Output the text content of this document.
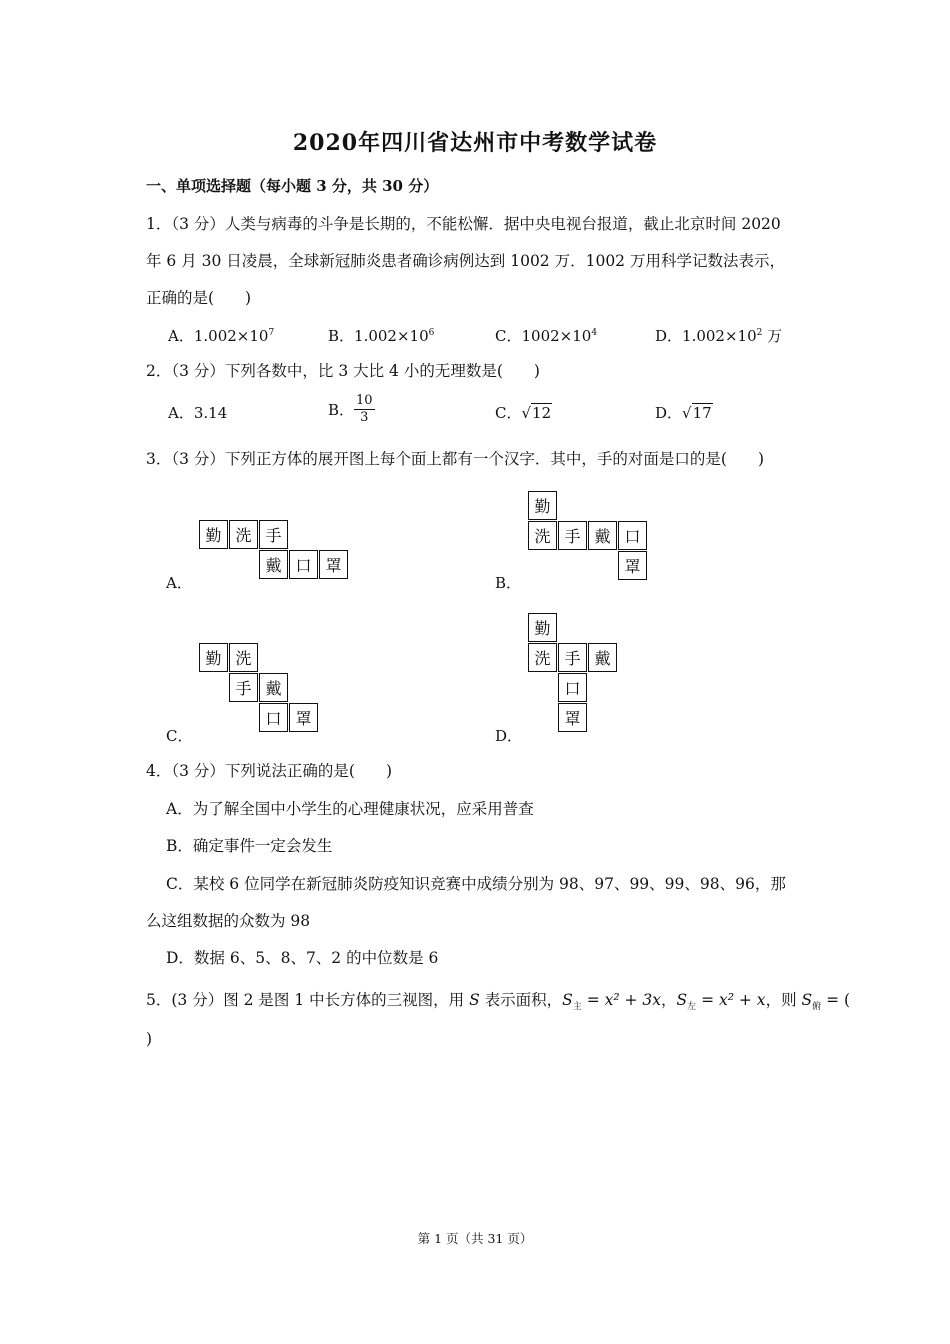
2020年四川省达州市中考数学试卷
一、单项选择题（每小题 3 分，共 30 分）
1．（3 分）人类与病毒的斗争是长期的，不能松懈．据中央电视台报道，截止北京时间 2020
年 6 月 30 日凌晨，全球新冠肺炎患者确诊病例达到 1002 万．1002 万用科学记数法表示，
正确的是(　　)
A．$1.002\times 10^7$	B．$1.002\times 10^6$	C．$1002\times 10^4$	D．$1.002\times 10^2$ 万
2．（3 分）下列各数中，比 3 大比 4 小的无理数是(　　)
A．3.14	B． $\frac{10}{3}$	C．√12	D．√17
3．（3 分）下列正方体的展开图上每个面上都有一个汉字．其中，手的对面是口的是(　　)
A．
勤 洗 手
戴 口 罩
B．
勤
洗 手 戴 口
罩
C．
勤 洗
手 戴
口 罩
D．
勤
洗 手 戴
口
罩
4．（3 分）下列说法正确的是(　　)
A．为了解全国中小学生的心理健康状况，应采用普查
B．确定事件一定会发生
C．某校 6 位同学在新冠肺炎防疫知识竞赛中成绩分别为 98、97、99、99、98、96，那
么这组数据的众数为 98
D．数据 6、5、8、7、2 的中位数是 6
5．(3 分）图 2 是图 1 中长方体的三视图，用 S 表示面积，$S_主 = x^2 + 3x$，$S_左 = x^2 + x$，则 $S_俯$ = (
)
第 1 页（共 31 页）
